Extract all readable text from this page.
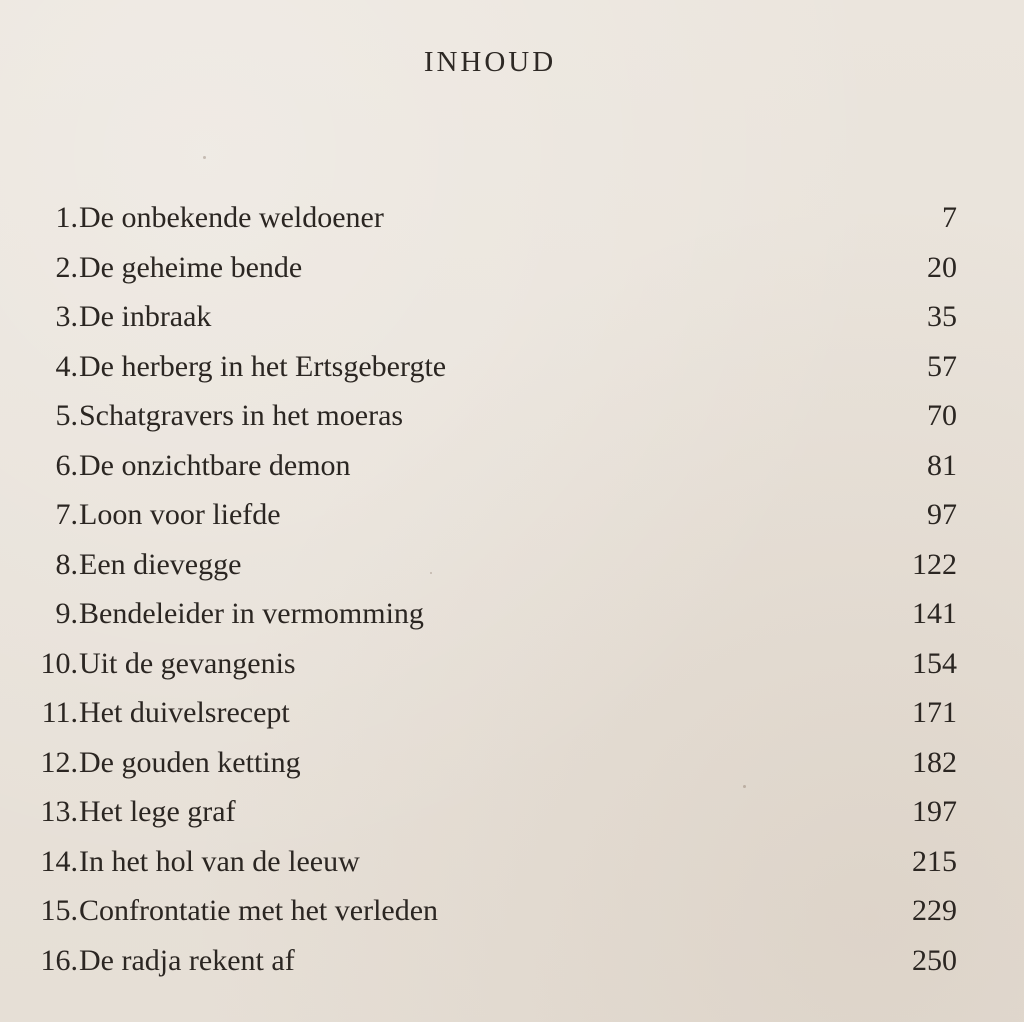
INHOUD
1. De onbekende weldoener	7
2. De geheime bende	20
3. De inbraak	35
4. De herberg in het Ertsgebergte	57
5. Schatgravers in het moeras	70
6. De onzichtbare demon	81
7. Loon voor liefde	97
8. Een dievegge	122
9. Bendeleider in vermomming	141
10. Uit de gevangenis	154
11. Het duivelsrecept	171
12. De gouden ketting	182
13. Het lege graf	197
14. In het hol van de leeuw	215
15. Confrontatie met het verleden	229
16. De radja rekent af	250
